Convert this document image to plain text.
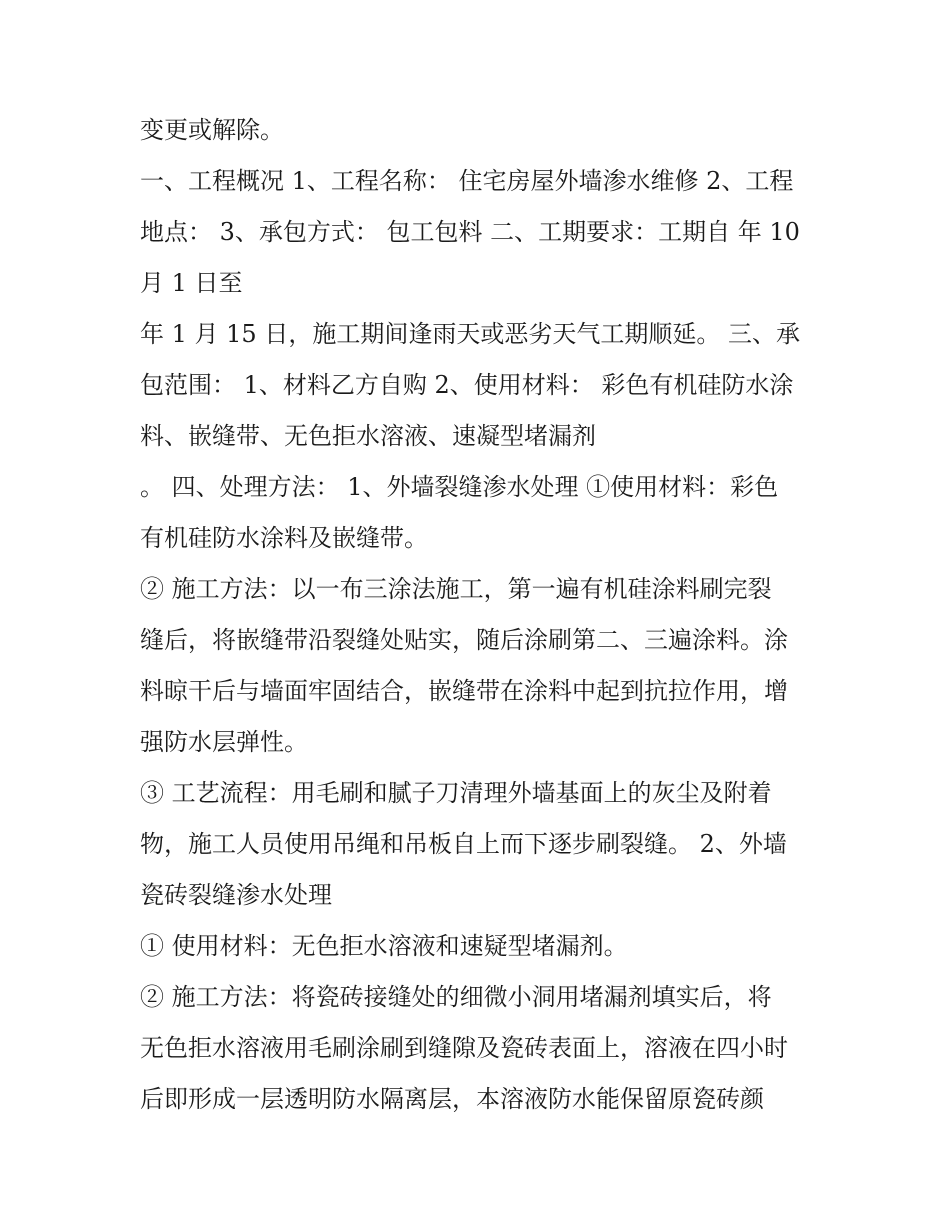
变更或解除。

一、工程概况 1、工程名称： 住宅房屋外墙渗水维修 2、工程

地点： 3、承包方式： 包工包料 二、工期要求：工期自 年 10

月 1 日至

年 1 月 15 日，施工期间逢雨天或恶劣天气工期顺延。 三、承

包范围： 1、材料乙方自购 2、使用材料： 彩色有机硅防水涂

料、嵌缝带、无色拒水溶液、速凝型堵漏剂

。 四、处理方法： 1、外墙裂缝渗水处理 ①使用材料：彩色

有机硅防水涂料及嵌缝带。

② 施工方法：以一布三涂法施工，第一遍有机硅涂料刷完裂

缝后，将嵌缝带沿裂缝处贴实，随后涂刷第二、三遍涂料。涂

料晾干后与墙面牢固结合，嵌缝带在涂料中起到抗拉作用，增

强防水层弹性。

③ 工艺流程：用毛刷和腻子刀清理外墙基面上的灰尘及附着

物，施工人员使用吊绳和吊板自上而下逐步刷裂缝。 2、外墙

瓷砖裂缝渗水处理

① 使用材料：无色拒水溶液和速疑型堵漏剂。

② 施工方法：将瓷砖接缝处的细微小洞用堵漏剂填实后，将

无色拒水溶液用毛刷涂刷到缝隙及瓷砖表面上，溶液在四小时

后即形成一层透明防水隔离层，本溶液防水能保留原瓷砖颜
